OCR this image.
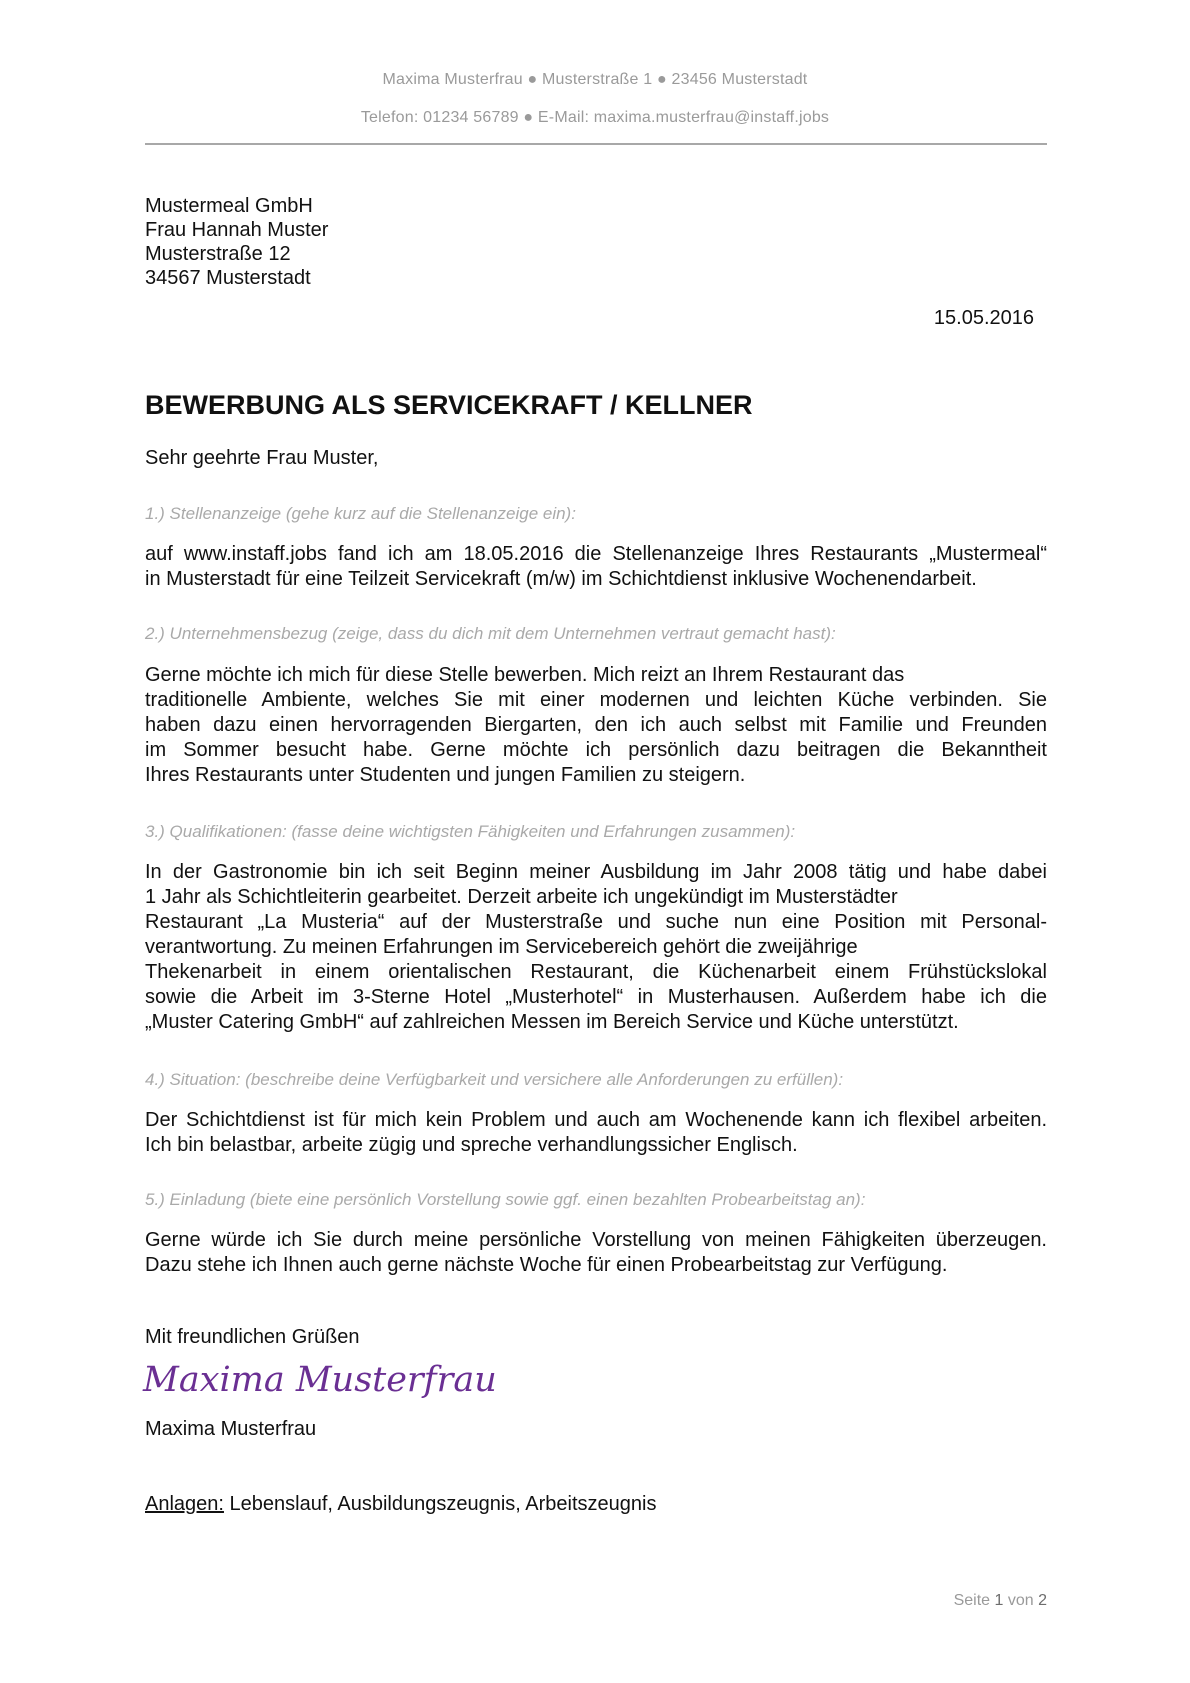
Maxima Musterfrau ● Musterstraße 1 ● 23456 Musterstadt
Telefon: 01234 56789 ● E-Mail: maxima.musterfrau@instaff.jobs
Mustermeal GmbH
Frau Hannah Muster
Musterstraße 12
34567 Musterstadt
15.05.2016
BEWERBUNG ALS SERVICEKRAFT / KELLNER
Sehr geehrte Frau Muster,
1.) Stellenanzeige (gehe kurz auf die Stellenanzeige ein):
auf www.instaff.jobs fand ich am 18.05.2016 die Stellenanzeige Ihres Restaurants „Mustermeal“
in Musterstadt für eine Teilzeit Servicekraft (m/w) im Schichtdienst inklusive Wochenendarbeit.
2.) Unternehmensbezug (zeige, dass du dich mit dem Unternehmen vertraut gemacht hast):
Gerne möchte ich mich für diese Stelle bewerben. Mich reizt an Ihrem Restaurant das
traditionelle Ambiente, welches Sie mit einer modernen und leichten Küche verbinden. Sie
haben dazu einen hervorragenden Biergarten, den ich auch selbst mit Familie und Freunden
im Sommer besucht habe. Gerne möchte ich persönlich dazu beitragen die Bekanntheit
Ihres Restaurants unter Studenten und jungen Familien zu steigern.
3.) Qualifikationen: (fasse deine wichtigsten Fähigkeiten und Erfahrungen zusammen):
In der Gastronomie bin ich seit Beginn meiner Ausbildung im Jahr 2008 tätig und habe dabei
1 Jahr als Schichtleiterin gearbeitet. Derzeit arbeite ich ungekündigt im Musterstädter
Restaurant „La Musteria“ auf der Musterstraße und suche nun eine Position mit Personal-
verantwortung. Zu meinen Erfahrungen im Servicebereich gehört die zweijährige
Thekenarbeit in einem orientalischen Restaurant, die Küchenarbeit einem Frühstückslokal
sowie die Arbeit im 3-Sterne Hotel „Musterhotel“ in Musterhausen. Außerdem habe ich die
„Muster Catering GmbH“ auf zahlreichen Messen im Bereich Service und Küche unterstützt.
4.) Situation: (beschreibe deine Verfügbarkeit und versichere alle Anforderungen zu erfüllen):
Der Schichtdienst ist für mich kein Problem und auch am Wochenende kann ich flexibel arbeiten.
Ich bin belastbar, arbeite zügig und spreche verhandlungssicher Englisch.
5.) Einladung (biete eine persönlich Vorstellung sowie ggf. einen bezahlten Probearbeitstag an):
Gerne würde ich Sie durch meine persönliche Vorstellung von meinen Fähigkeiten überzeugen.
Dazu stehe ich Ihnen auch gerne nächste Woche für einen Probearbeitstag zur Verfügung.
Mit freundlichen Grüßen
Maxima Musterfrau
Maxima Musterfrau
Anlagen: Lebenslauf, Ausbildungszeugnis, Arbeitszeugnis
Seite 1 von 2
